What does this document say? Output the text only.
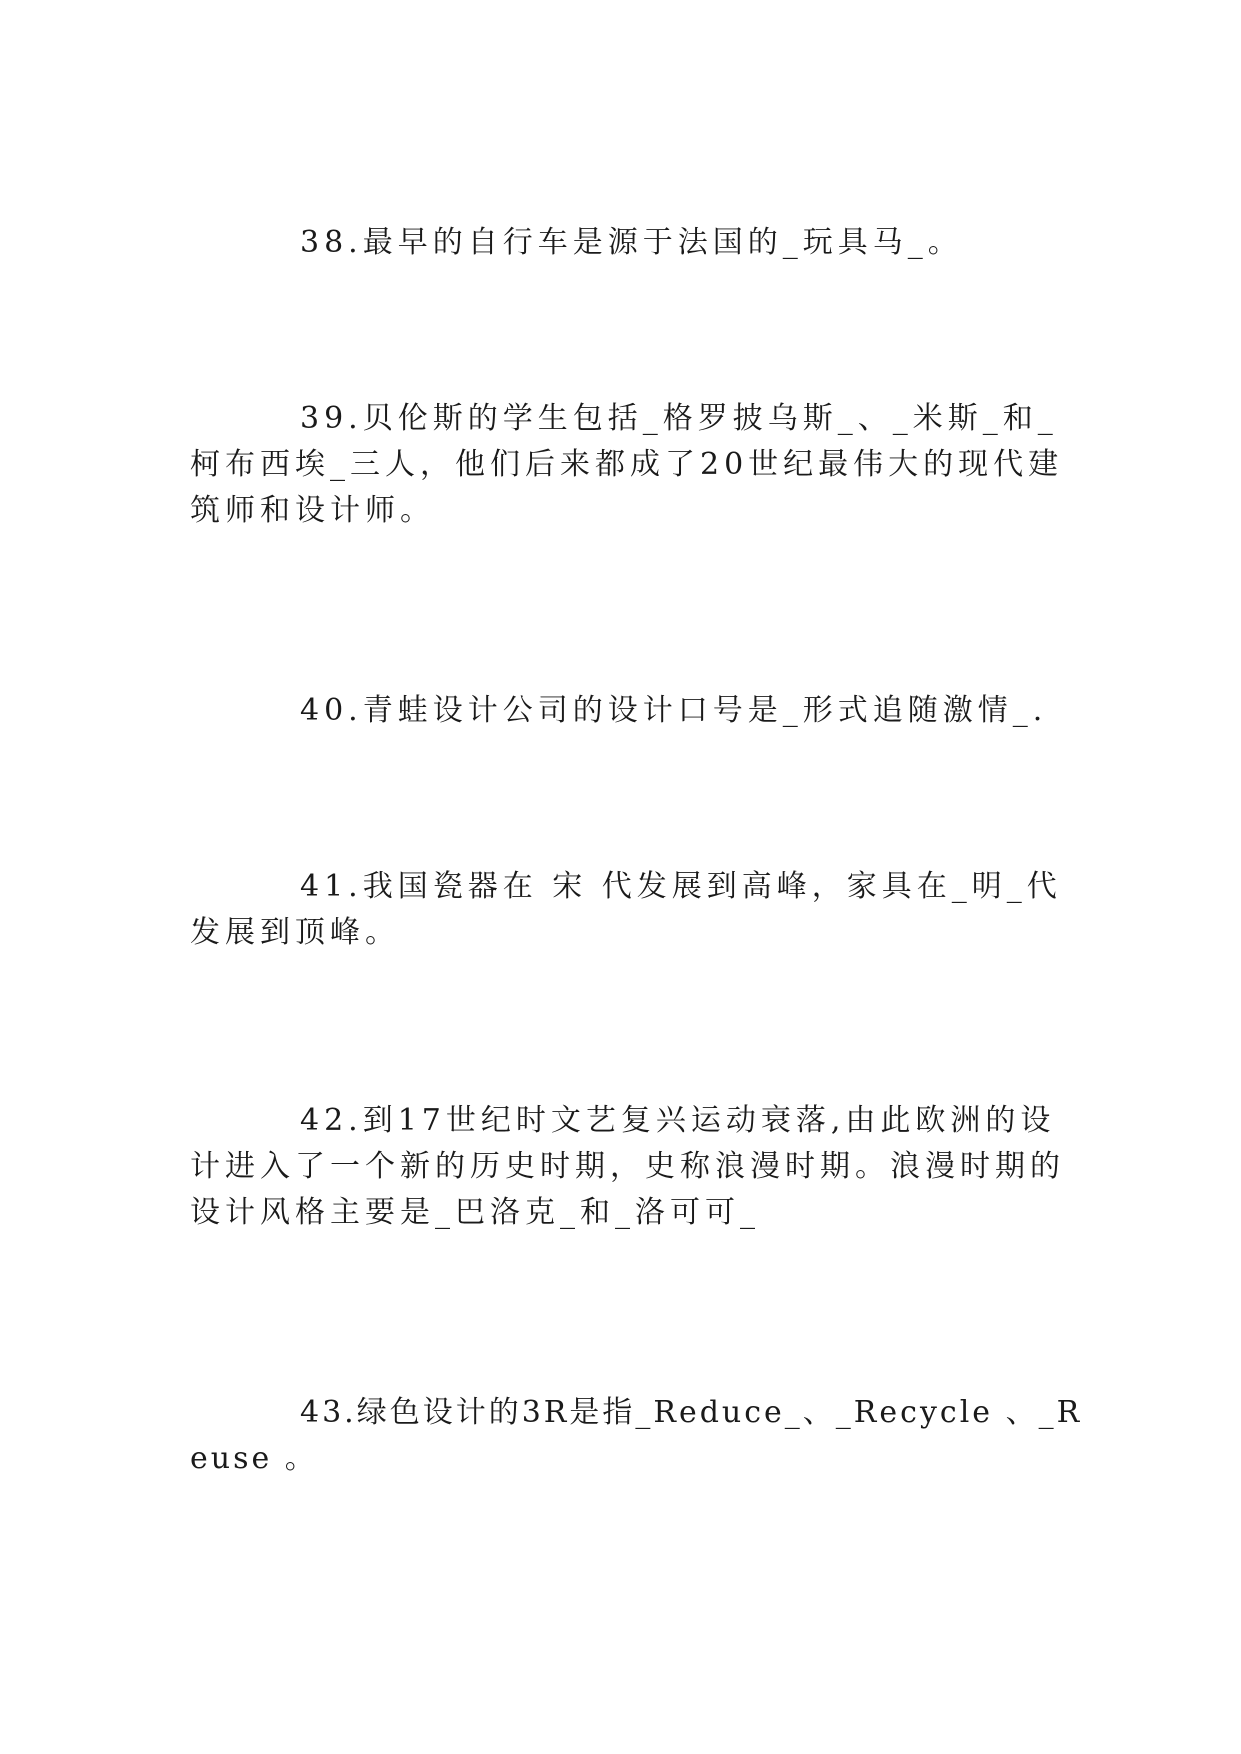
38.最早的自行车是源于法国的_玩具马_。

39.贝伦斯的学生包括_格罗披乌斯_、_米斯_和_柯布西埃_三人，他们后来都成了20世纪最伟大的现代建筑师和设计师。

40.青蛙设计公司的设计口号是_形式追随激情_.

41.我国瓷器在 宋 代发展到高峰，家具在_明_代发展到顶峰。

42.到17世纪时文艺复兴运动衰落,由此欧洲的设计进入了一个新的历史时期，史称浪漫时期。浪漫时期的设计风格主要是_巴洛克_和_洛可可_

43.绿色设计的3R是指_Reduce_、_Recycle 、_Reuse 。
